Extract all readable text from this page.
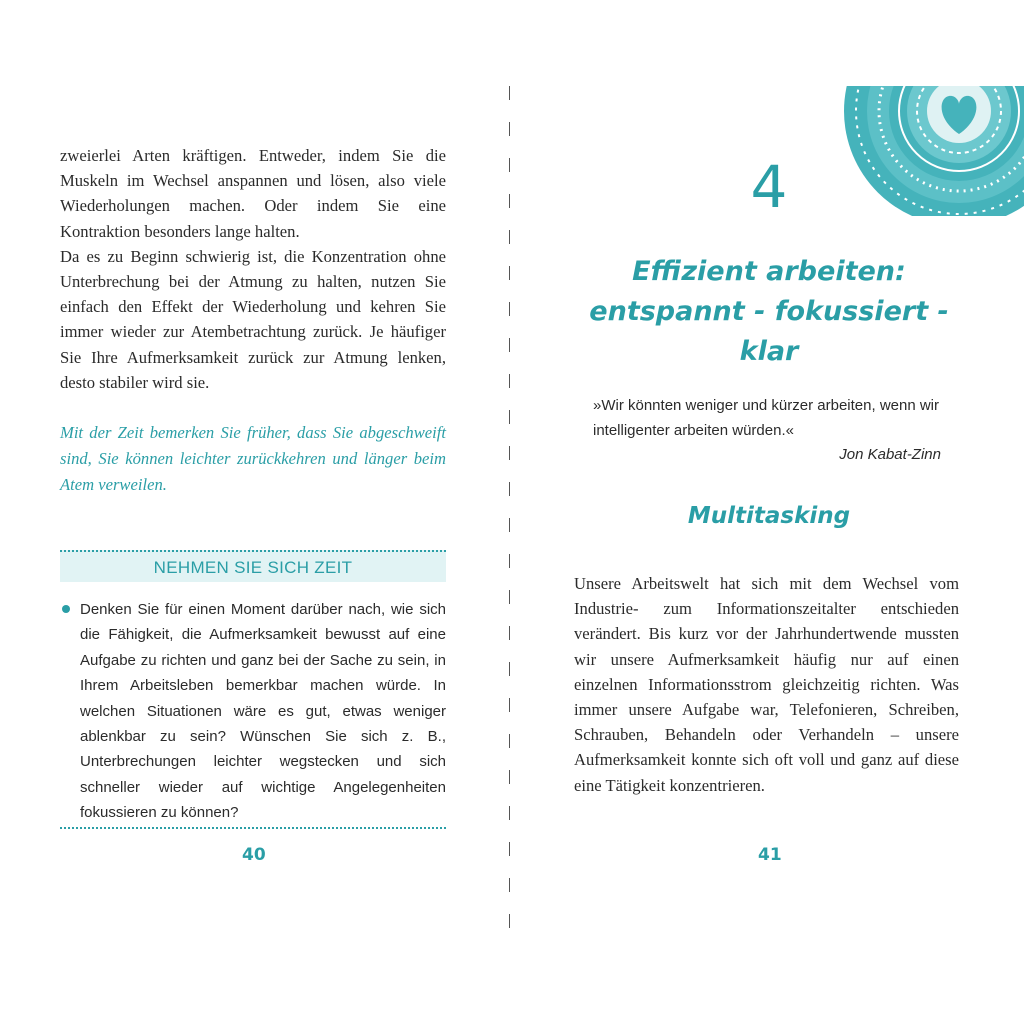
zweierlei Arten kräftigen. Entweder, indem Sie die Muskeln im Wechsel anspannen und lösen, also viele Wiederholungen machen. Oder indem Sie eine Kontraktion besonders lange halten.

Da es zu Beginn schwierig ist, die Konzentration ohne Unterbrechung bei der Atmung zu halten, nutzen Sie einfach den Effekt der Wiederholung und kehren Sie immer wieder zur Atembetrachtung zurück. Je häufiger Sie Ihre Aufmerksamkeit zurück zur Atmung lenken, desto stabiler wird sie.

Mit der Zeit bemerken Sie früher, dass Sie abgeschweift sind, Sie können leichter zurückkehren und länger beim Atem verweilen.
NEHMEN SIE SICH ZEIT
Denken Sie für einen Moment darüber nach, wie sich die Fähigkeit, die Aufmerksamkeit bewusst auf eine Aufgabe zu richten und ganz bei der Sache zu sein, in Ihrem Arbeitsleben bemerkbar machen würde. In welchen Situationen wäre es gut, etwas weniger ablenkbar zu sein? Wünschen Sie sich z. B., Unterbrechungen leichter wegstecken und sich schneller wieder auf wichtige Angelegenheiten fokussieren zu können?
40
4
Effizient arbeiten:
entspannt - fokussiert - klar
»Wir könnten weniger und kürzer arbeiten, wenn wir intelligenter arbeiten würden.«
Jon Kabat-Zinn
Multitasking

Unsere Arbeitswelt hat sich mit dem Wechsel vom Industrie- zum Informationszeitalter entschieden verändert. Bis kurz vor der Jahrhundertwende mussten wir unsere Aufmerksamkeit häufig nur auf einen einzelnen Informationsstrom gleichzeitig richten. Was immer unsere Aufgabe war, Telefonieren, Schreiben, Schrauben, Behandeln oder Verhandeln – unsere Aufmerksamkeit konnte sich oft voll und ganz auf diese eine Tätigkeit konzentrieren.

41
